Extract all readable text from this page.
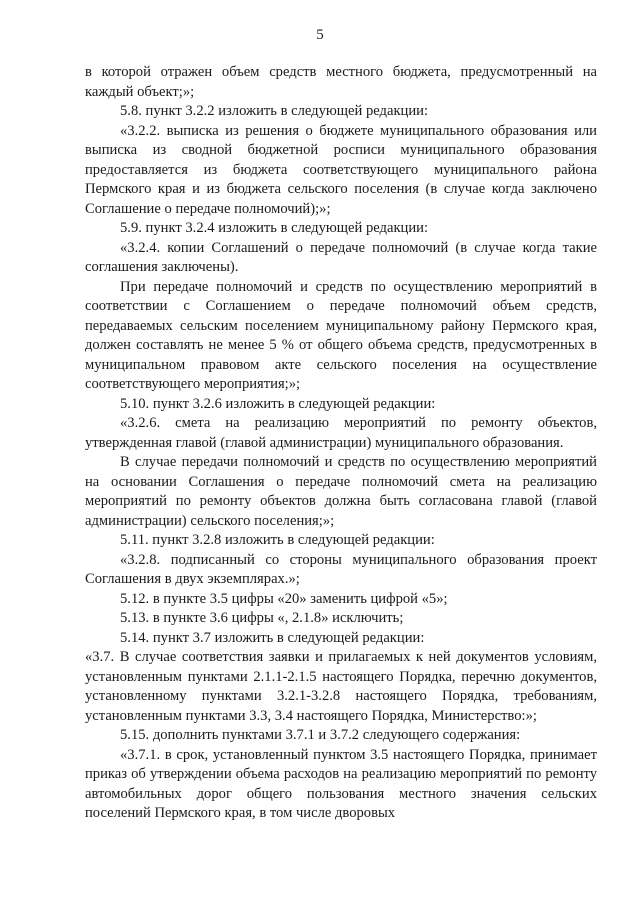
5

в которой отражен объем средств местного бюджета, предусмотренный на каждый объект;»;

5.8. пункт 3.2.2 изложить в следующей редакции:

«3.2.2. выписка из решения о бюджете муниципального образования или выписка из сводной бюджетной росписи муниципального образования предоставляется из бюджета соответствующего муниципального района Пермского края и из бюджета сельского поселения (в случае когда заключено Соглашение о передаче полномочий);»;

5.9. пункт 3.2.4 изложить в следующей редакции:

«3.2.4. копии Соглашений о передаче полномочий (в случае когда такие соглашения заключены).

При передаче полномочий и средств по осуществлению мероприятий в соответствии с Соглашением о передаче полномочий объем средств, передаваемых сельским поселением муниципальному району Пермского края, должен составлять не менее 5 % от общего объема средств, предусмотренных в муниципальном правовом акте сельского поселения на осуществление соответствующего мероприятия;»;

5.10. пункт 3.2.6 изложить в следующей редакции:

«3.2.6. смета на реализацию мероприятий по ремонту объектов, утвержденная главой (главой администрации) муниципального образования.

В случае передачи полномочий и средств по осуществлению мероприятий на основании Соглашения о передаче полномочий смета на реализацию мероприятий по ремонту объектов должна быть согласована главой (главой администрации) сельского поселения;»;

5.11. пункт 3.2.8 изложить в следующей редакции:

«3.2.8. подписанный со стороны муниципального образования проект Соглашения в двух экземплярах.»;

5.12. в пункте 3.5 цифры «20» заменить цифрой «5»;

5.13. в пункте 3.6 цифры «, 2.1.8» исключить;

5.14. пункт 3.7 изложить в следующей редакции:

«3.7. В случае соответствия заявки и прилагаемых к ней документов условиям, установленным пунктами 2.1.1-2.1.5 настоящего Порядка, перечню документов, установленному пунктами 3.2.1-3.2.8 настоящего Порядка, требованиям, установленным пунктами 3.3, 3.4 настоящего Порядка, Министерство:»;

5.15. дополнить пунктами 3.7.1 и 3.7.2 следующего содержания:

«3.7.1. в срок, установленный пунктом 3.5 настоящего Порядка, принимает приказ об утверждении объема расходов на реализацию мероприятий по ремонту автомобильных дорог общего пользования местного значения сельских поселений Пермского края, в том числе дворовых
